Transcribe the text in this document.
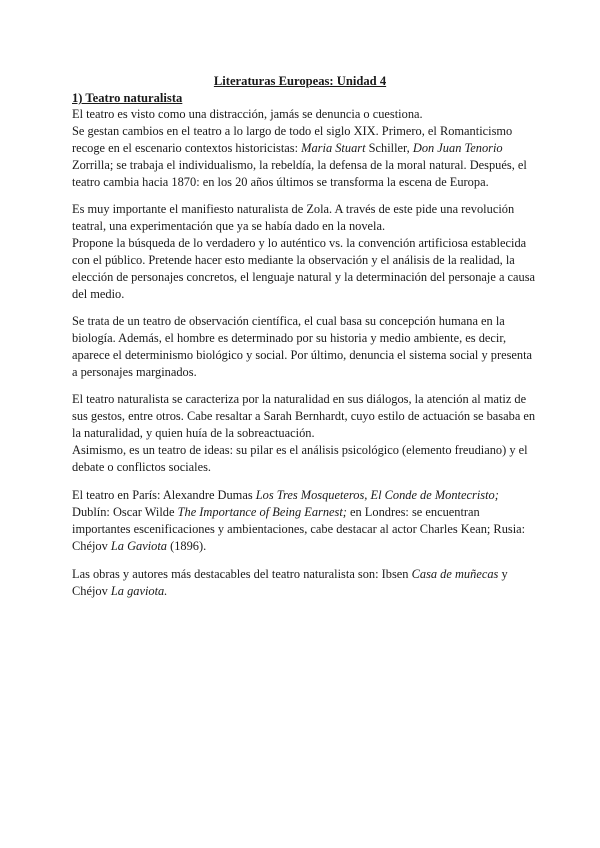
Literaturas Europeas: Unidad 4
1) Teatro naturalista
El teatro es visto como una distracción, jamás se denuncia o cuestiona.
Se gestan cambios en el teatro a lo largo de todo el siglo XIX. Primero, el Romanticismo
recoge en el escenario contextos historicistas: Maria Stuart Schiller, Don Juan Tenorio
Zorrilla; se trabaja el individualismo, la rebeldía, la defensa de la moral natural. Después, el
teatro cambia hacia 1870: en los 20 años últimos se transforma la escena de Europa.
Es muy importante el manifiesto naturalista de Zola. A través de este pide una revolución
teatral, una experimentación que ya se había dado en la novela.
Propone la búsqueda de lo verdadero y lo auténtico vs. la convención artificiosa establecida
con el público. Pretende hacer esto mediante la observación y el análisis de la realidad, la
elección de personajes concretos, el lenguaje natural y la determinación del personaje a causa
del medio.
Se trata de un teatro de observación científica, el cual basa su concepción humana en la
biología. Además, el hombre es determinado por su historia y medio ambiente, es decir,
aparece el determinismo biológico y social. Por último, denuncia el sistema social y presenta
a personajes marginados.
El teatro naturalista se caracteriza por la naturalidad en sus diálogos, la atención al matiz de
sus gestos, entre otros. Cabe resaltar a Sarah Bernhardt, cuyo estilo de actuación se basaba en
la naturalidad, y quien huía de la sobreactuación.
Asimismo, es un teatro de ideas: su pilar es el análisis psicológico (elemento freudiano) y el
debate o conflictos sociales.
El teatro en París: Alexandre Dumas Los Tres Mosqueteros, El Conde de Montecristo;
Dublín: Oscar Wilde The Importance of Being Earnest; en Londres: se encuentran
importantes escenificaciones y ambientaciones, cabe destacar al actor Charles Kean; Rusia:
Chéjov La Gaviota (1896).
Las obras y autores más destacables del teatro naturalista son: Ibsen Casa de muñecas y
Chéjov La gaviota.
